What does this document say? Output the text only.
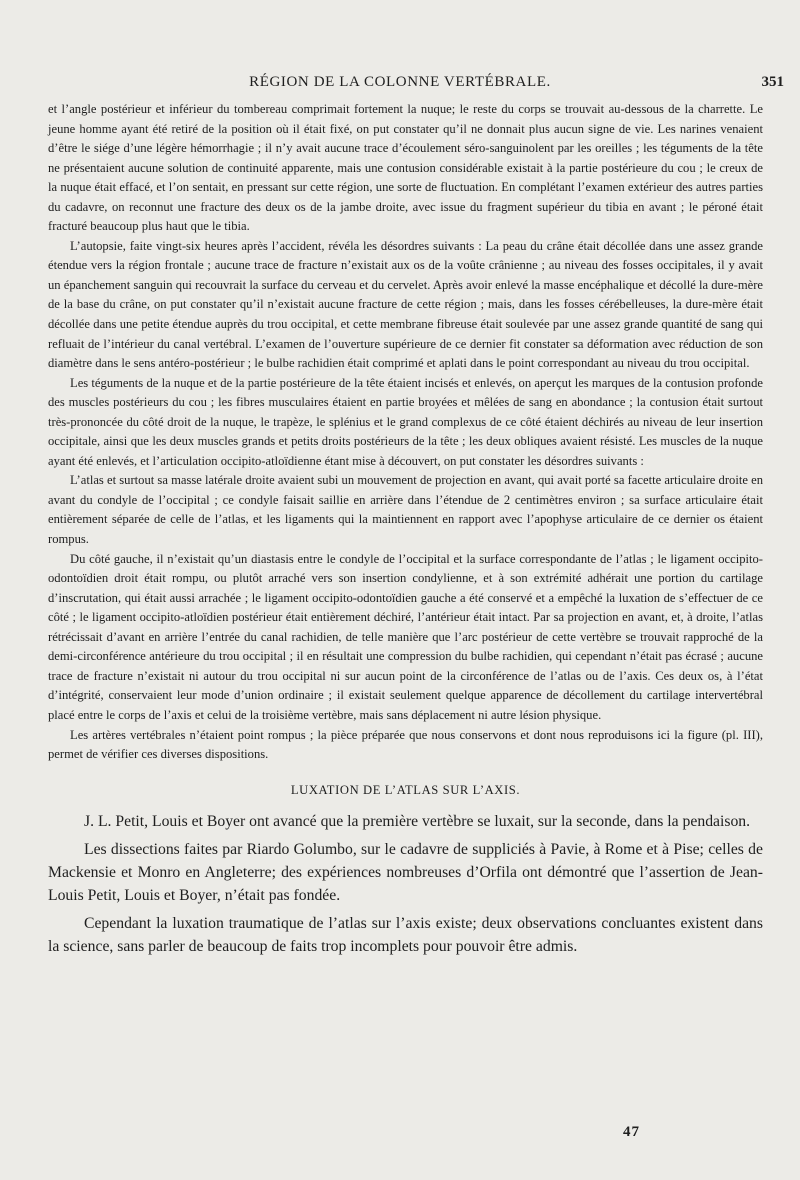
RÉGION DE LA COLONNE VERTÉBRALE.	351

et l’angle postérieur et inférieur du tombereau comprimait fortement la nuque; le reste du corps se trouvait au-dessous de la charrette. Le jeune homme ayant été retiré de la position où il était fixé, on put constater qu’il ne donnait plus aucun signe de vie. Les narines venaient d’être le siége d’une légère hémorrhagie ; il n’y avait aucune trace d’écoulement séro-sanguinolent par les oreilles ; les téguments de la tête ne présentaient aucune solution de continuité apparente, mais une contusion considérable existait à la partie postérieure du cou ; le creux de la nuque était effacé, et l’on sentait, en pressant sur cette région, une sorte de fluctuation. En complétant l’examen extérieur des autres parties du cadavre, on reconnut une fracture des deux os de la jambe droite, avec issue du fragment supérieur du tibia en avant ; le péroné était fracturé beaucoup plus haut que le tibia.

L’autopsie, faite vingt-six heures après l’accident, révéla les désordres suivants : La peau du crâne était décollée dans une assez grande étendue vers la région frontale ; aucune trace de fracture n’existait aux os de la voûte crânienne ; au niveau des fosses occipitales, il y avait un épanchement sanguin qui recouvrait la surface du cerveau et du cervelet. Après avoir enlevé la masse encéphalique et décollé la dure-mère de la base du crâne, on put constater qu’il n’existait aucune fracture de cette région ; mais, dans les fosses cérébelleuses, la dure-mère était décollée dans une petite étendue auprès du trou occipital, et cette membrane fibreuse était soulevée par une assez grande quantité de sang qui refluait de l’intérieur du canal vertébral. L’examen de l’ouverture supérieure de ce dernier fit constater sa déformation avec réduction de son diamètre dans le sens antéro-postérieur ; le bulbe rachidien était comprimé et aplati dans le point correspondant au niveau du trou occipital.

Les téguments de la nuque et de la partie postérieure de la tête étaient incisés et enlevés, on aperçut les marques de la contusion profonde des muscles postérieurs du cou ; les fibres musculaires étaient en partie broyées et mêlées de sang en abondance ; la contusion était surtout très-prononcée du côté droit de la nuque, le trapèze, le splénius et le grand complexus de ce côté étaient déchirés au niveau de leur insertion occipitale, ainsi que les deux muscles grands et petits droits postérieurs de la tête ; les deux obliques avaient résisté. Les muscles de la nuque ayant été enlevés, et l’articulation occipito-atloïdienne étant mise à découvert, on put constater les désordres suivants :

L’atlas et surtout sa masse latérale droite avaient subi un mouvement de projection en avant, qui avait porté sa facette articulaire droite en avant du condyle de l’occipital ; ce condyle faisait saillie en arrière dans l’étendue de 2 centimètres environ ; sa surface articulaire était entièrement séparée de celle de l’atlas, et les ligaments qui la maintiennent en rapport avec l’apophyse articulaire de ce dernier os étaient rompus.

Du côté gauche, il n’existait qu’un diastasis entre le condyle de l’occipital et la surface correspondante de l’atlas ; le ligament occipito-odontoïdien droit était rompu, ou plutôt arraché vers son insertion condylienne, et à son extrémité adhérait une portion du cartilage d’inscrutation, qui était aussi arrachée ; le ligament occipito-odontoïdien gauche a été conservé et a empêché la luxation de s’effectuer de ce côté ; le ligament occipito-atloïdien postérieur était entièrement déchiré, l’antérieur était intact. Par sa projection en avant, et, à droite, l’atlas rétrécissait d’avant en arrière l’entrée du canal rachidien, de telle manière que l’arc postérieur de cette vertèbre se trouvait rapproché de la demi-circonférence antérieure du trou occipital ; il en résultait une compression du bulbe rachidien, qui cependant n’était pas écrasé ; aucune trace de fracture n’existait ni autour du trou occipital ni sur aucun point de la circonférence de l’atlas ou de l’axis. Ces deux os, à l’état d’intégrité, conservaient leur mode d’union ordinaire ; il existait seulement quelque apparence de décollement du cartilage intervertébral placé entre le corps de l’axis et celui de la troisième vertèbre, mais sans déplacement ni autre lésion physique.

Les artères vertébrales n’étaient point rompus ; la pièce préparée que nous conservons et dont nous reproduisons ici la figure (pl. III), permet de vérifier ces diverses dispositions.

LUXATION DE L’ATLAS SUR L’AXIS.

J. L. Petit, Louis et Boyer ont avancé que la première vertèbre se luxait, sur la seconde, dans la pendaison.

Les dissections faites par Riardo Golumbo, sur le cadavre de suppliciés à Pavie, à Rome et à Pise; celles de Mackensie et Monro en Angleterre; des expériences nombreuses d’Orfila ont démontré que l’assertion de Jean-Louis Petit, Louis et Boyer, n’était pas fondée.

Cependant la luxation traumatique de l’atlas sur l’axis existe; deux observations concluantes existent dans la science, sans parler de beaucoup de faits trop incomplets pour pouvoir être admis.

47
